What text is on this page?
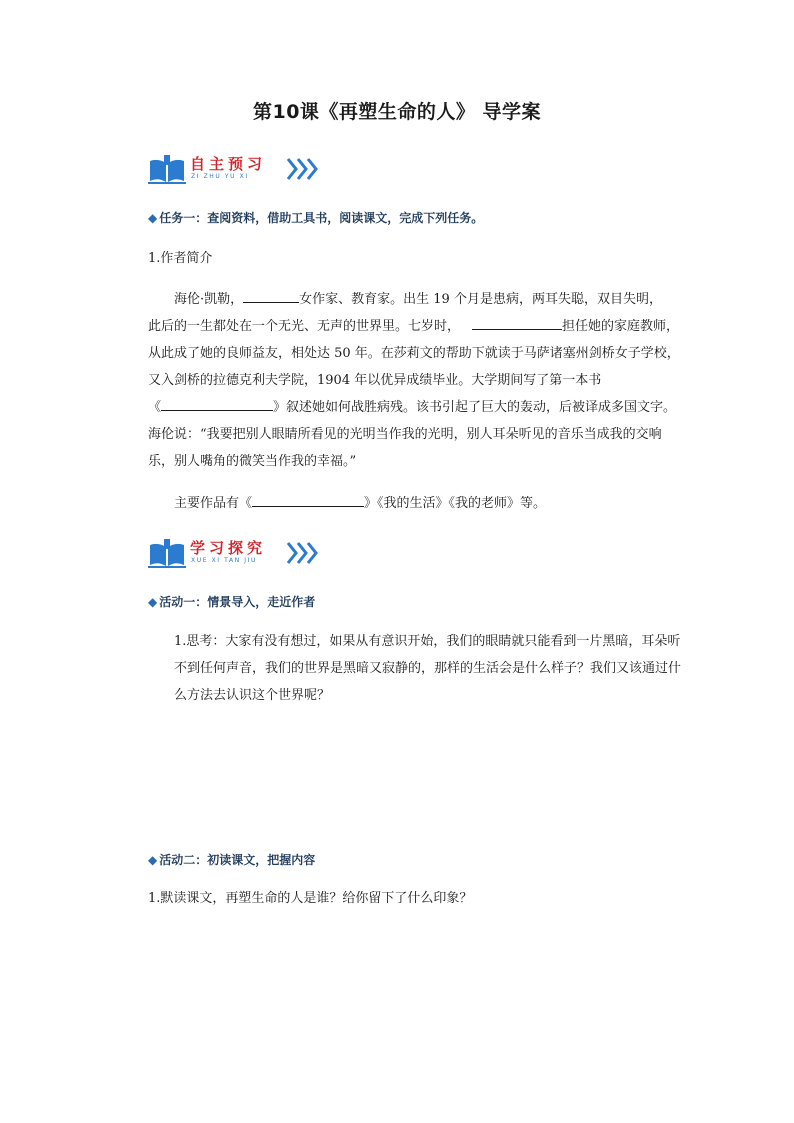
第10课《再塑生命的人》 导学案
自主预习
ZI ZHU YU XI
◆ 任务一：查阅资料，借助工具书，阅读课文，完成下列任务。
1.作者简介
海伦·凯勒，	女作家、教育家。出生 19 个月是患病，两耳失聪，双目失明，
此后的一生都处在一个无光、无声的世界里。七岁时，	担任她的家庭教师，
从此成了她的良师益友，相处达 50 年。在莎莉文的帮助下就读于马萨诸塞州剑桥女子学校，
又入剑桥的拉德克利夫学院，1904 年以优异成绩毕业。大学期间写了第一本书
《	》叙述她如何战胜病残。该书引起了巨大的轰动，后被译成多国文字。
海伦说：“我要把别人眼睛所看见的光明当作我的光明，别人耳朵听见的音乐当成我的交响
乐，别人嘴角的微笑当作我的幸福。”
主要作品有《	》《我的生活》《我的老师》等。
学习探究
XUE XI TAN JIU
◆ 活动一：情景导入，走近作者
1.思考：大家有没有想过，如果从有意识开始，我们的眼睛就只能看到一片黑暗，耳朵听不到任何声音，我们的世界是黑暗又寂静的，那样的生活会是什么样子？我们又该通过什么方法去认识这个世界呢？
◆ 活动二：初读课文，把握内容
1.默读课文，再塑生命的人是谁？给你留下了什么印象？
